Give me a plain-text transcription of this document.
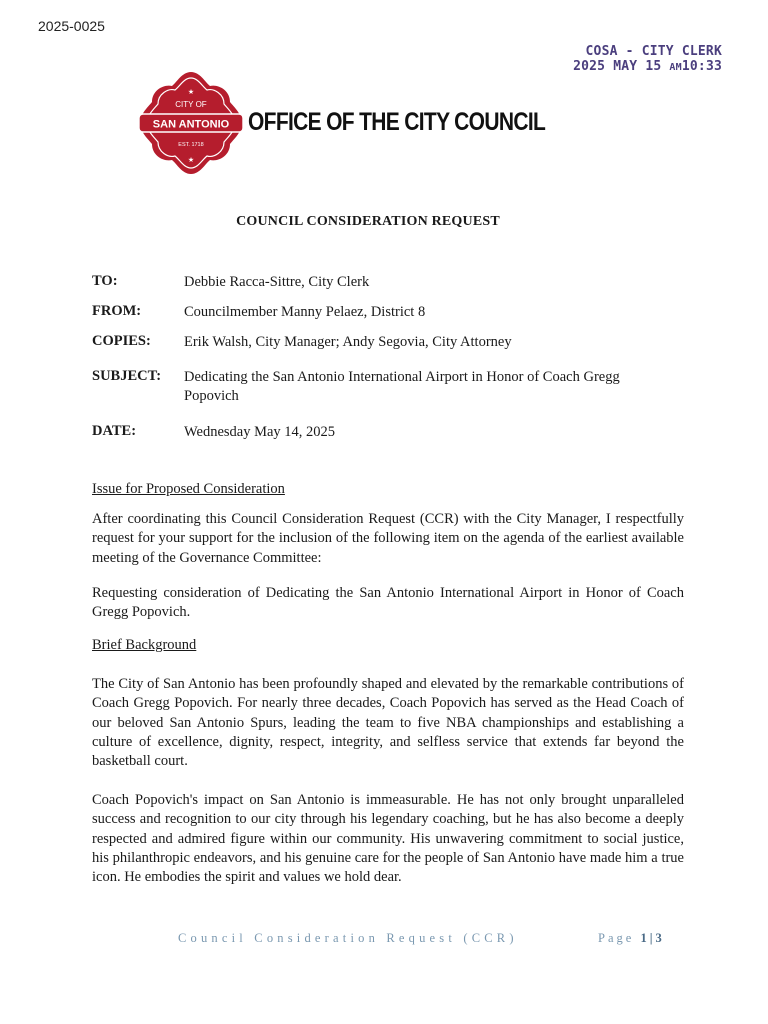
2025-0025
COSA - CITY CLERK
2025 MAY 15 AM10:33
★
CITY OF
SAN ANTONIO
EST. 1718
★
OFFICE OF THE CITY COUNCIL
COUNCIL CONSIDERATION REQUEST
TO:	Debbie Racca-Sittre, City Clerk
FROM:	Councilmember Manny Pelaez, District 8
COPIES: Erik Walsh, City Manager; Andy Segovia, City Attorney
SUBJECT: Dedicating the San Antonio International Airport in Honor of Coach Gregg Popovich
DATE:	Wednesday May 14, 2025
Issue for Proposed Consideration
After coordinating this Council Consideration Request (CCR) with the City Manager, I respectfully request for your support for the inclusion of the following item on the agenda of the earliest available meeting of the Governance Committee:
Requesting consideration of Dedicating the San Antonio International Airport in Honor of Coach Gregg Popovich.
Brief Background
The City of San Antonio has been profoundly shaped and elevated by the remarkable contributions of Coach Gregg Popovich. For nearly three decades, Coach Popovich has served as the Head Coach of our beloved San Antonio Spurs, leading the team to five NBA championships and establishing a culture of excellence, dignity, respect, integrity, and selfless service that extends far beyond the basketball court.
Coach Popovich's impact on San Antonio is immeasurable. He has not only brought unparalleled success and recognition to our city through his legendary coaching, but he has also become a deeply respected and admired figure within our community. His unwavering commitment to social justice, his philanthropic endeavors, and his genuine care for the people of San Antonio have made him a true icon. He embodies the spirit and values we hold dear.
Council Consideration Request (CCR)	Page 1|3
